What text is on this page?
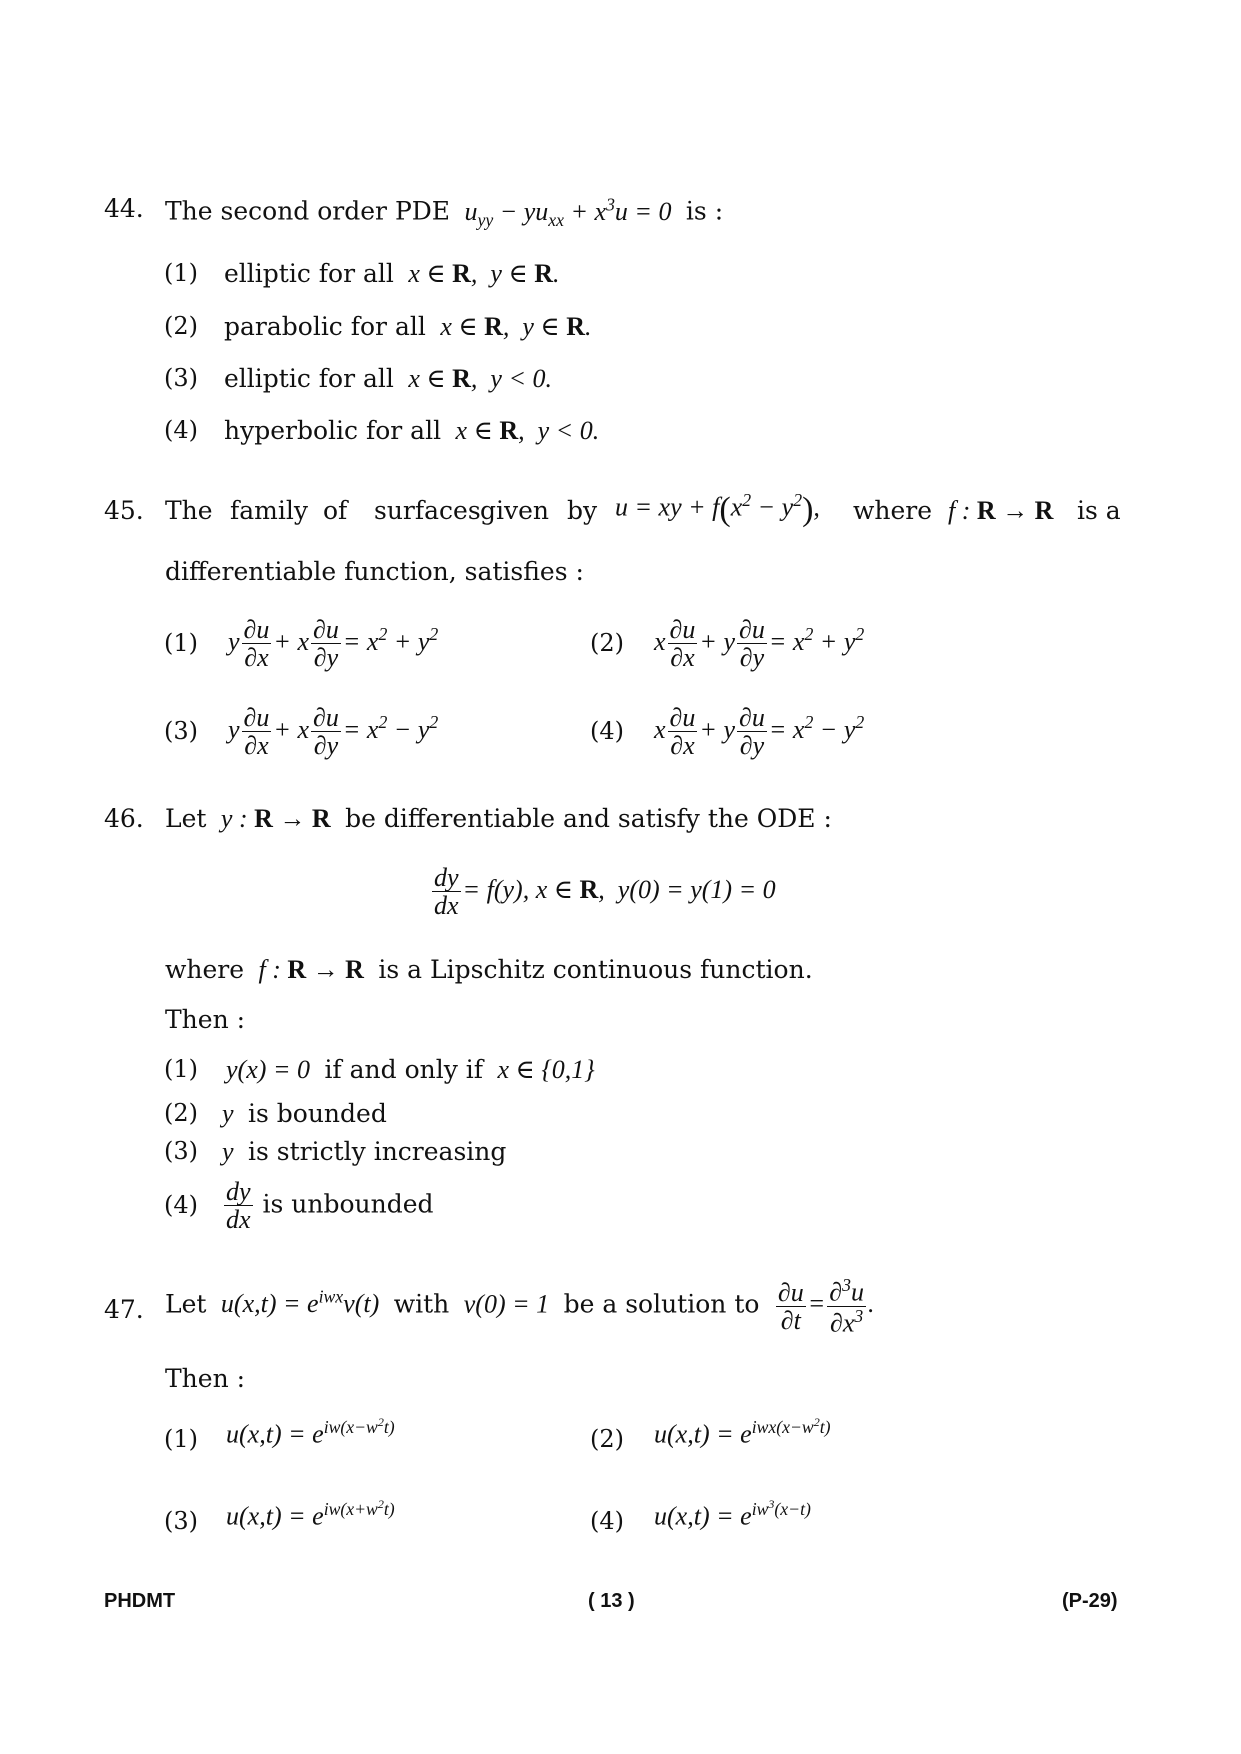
44. The second order PDE  $u_{yy} - yu_{xx} + x^3u = 0$ is :
(1) elliptic for all  x ∈ R,  y ∈ R.
(2) parabolic for all  x ∈ R,  y ∈ R.
(3) elliptic for all  x ∈ R,  y < 0.
(4) hyperbolic for all  x ∈ R,  y < 0.
45. The family of surfaces given by u = xy + $f(x^2 - y^2)$, where f : R → R is a
differentiable function, satisfies :
(1) y $\frac{\partial u}{\partial x} + x \frac{\partial u}{\partial y} = x^2 + y^2$	(2) x $\frac{\partial u}{\partial x} + y \frac{\partial u}{\partial y} = x^2 + y^2$
(3) y $\frac{\partial u}{\partial x} + x \frac{\partial u}{\partial y} = x^2 - y^2$	(4) x $\frac{\partial u}{\partial x} + y \frac{\partial u}{\partial y} = x^2 - y^2$
46. Let  y : R → R be differentiable and satisfy the ODE :
$\frac{dy}{dx} = f(y)$, x ∈ R,  y(0) = y(1) = 0
where  f : R → R is a Lipschitz continuous function.
Then :
(1) y(x) = 0 if and only if  x ∈ {0,1}
(2) y  is bounded
(3) y  is strictly increasing
$(4) \frac{dy}{dx}$ is unbounded
47. Let  $u(x,t) = e^{iwx}v(t)$ with  v(0) = 1 be a solution to $\frac{\partial u}{\partial t} = \frac{\partial^3u}{\partial x^3}$ .
Then :
(1) $u(x,t) = e^{iw(x-w^2t)}$	(2) $u(x,t) = e^{iwx(x-w^2t)}$
(3) $u(x,t) = e^{iw(x+w^2t)}$	(4) $u(x,t) = e^{iw^3(x-t)}$
PHDMT	( 13 )	(P-29)
